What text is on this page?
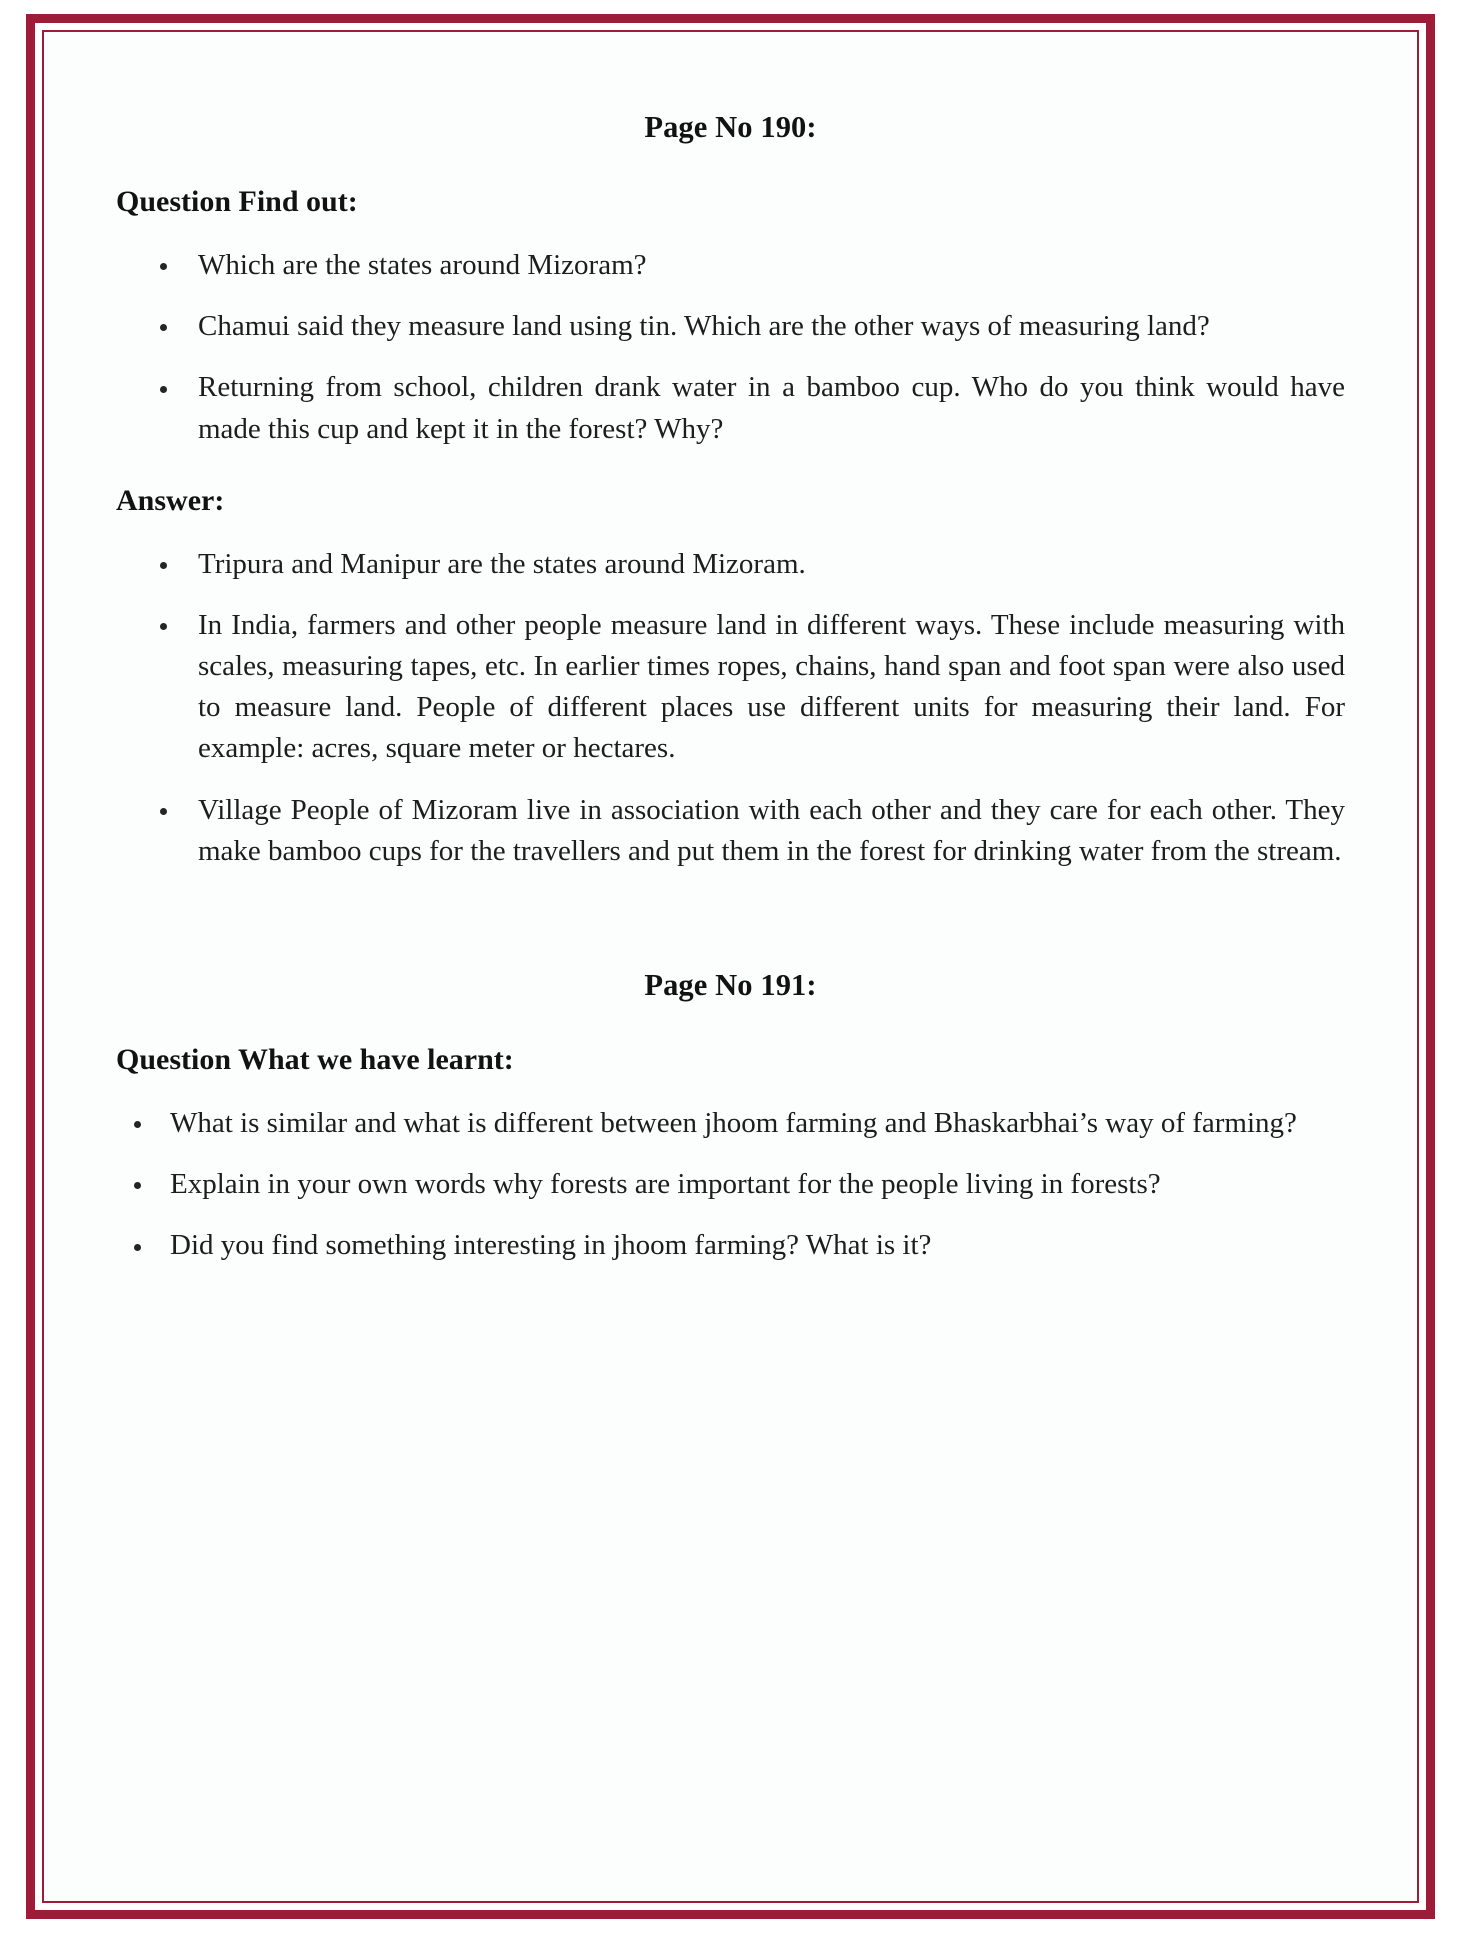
Page No 190:
Question Find out:
Which are the states around Mizoram?
Chamui said they measure land using tin. Which are the other ways of measuring land?
Returning from school, children drank water in a bamboo cup. Who do you think would have made this cup and kept it in the forest? Why?
Answer:
Tripura and Manipur are the states around Mizoram.
In India, farmers and other people measure land in different ways. These include measuring with scales, measuring tapes, etc. In earlier times ropes, chains, hand span and foot span were also used to measure land. People of different places use different units for measuring their land. For example: acres, square meter or hectares.
Village People of Mizoram live in association with each other and they care for each other. They make bamboo cups for the travellers and put them in the forest for drinking water from the stream.
Page No 191:
Question What we have learnt:
What is similar and what is different between jhoom farming and Bhaskarbhai’s way of farming?
Explain in your own words why forests are important for the people living in forests?
Did you find something interesting in jhoom farming? What is it?
